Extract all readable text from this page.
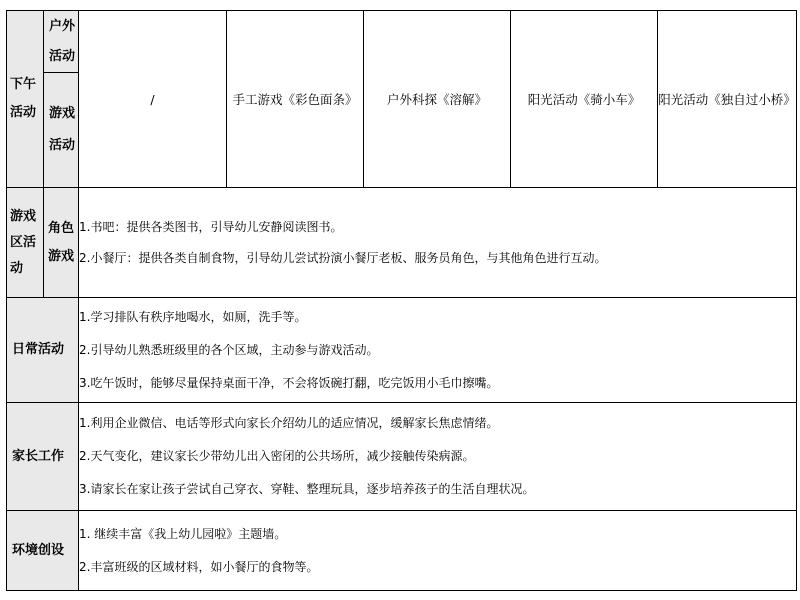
下午活动	户外活动	/	手工游戏《彩色面条》	户外科探《溶解》	阳光活动《骑小车》	阳光活动《独自过小桥》

	游戏活动					

游戏区活动	角色游戏	1.书吧：提供各类图书，引导幼儿安静阅读图书。
2.小餐厅：提供各类自制食物，引导幼儿尝试扮演小餐厅老板、服务员角色，与其他角色进行互动。				

日常活动		1.学习排队有秩序地喝水，如厕，洗手等。
2.引导幼儿熟悉班级里的各个区域，主动参与游戏活动。
3.吃午饭时，能够尽量保持桌面干净，不会将饭碗打翻，吃完饭用小毛巾擦嘴。				

家长工作		1.利用企业微信、电话等形式向家长介绍幼儿的适应情况，缓解家长焦虑情绪。
2.天气变化，建议家长少带幼儿出入密闭的公共场所，减少接触传染病源。
3.请家长在家让孩子尝试自己穿衣、穿鞋、整理玩具，逐步培养孩子的生活自理状况。				

环境创设		1. 继续丰富《我上幼儿园啦》主题墙。
2.丰富班级的区域材料，如小餐厅的食物等。				
